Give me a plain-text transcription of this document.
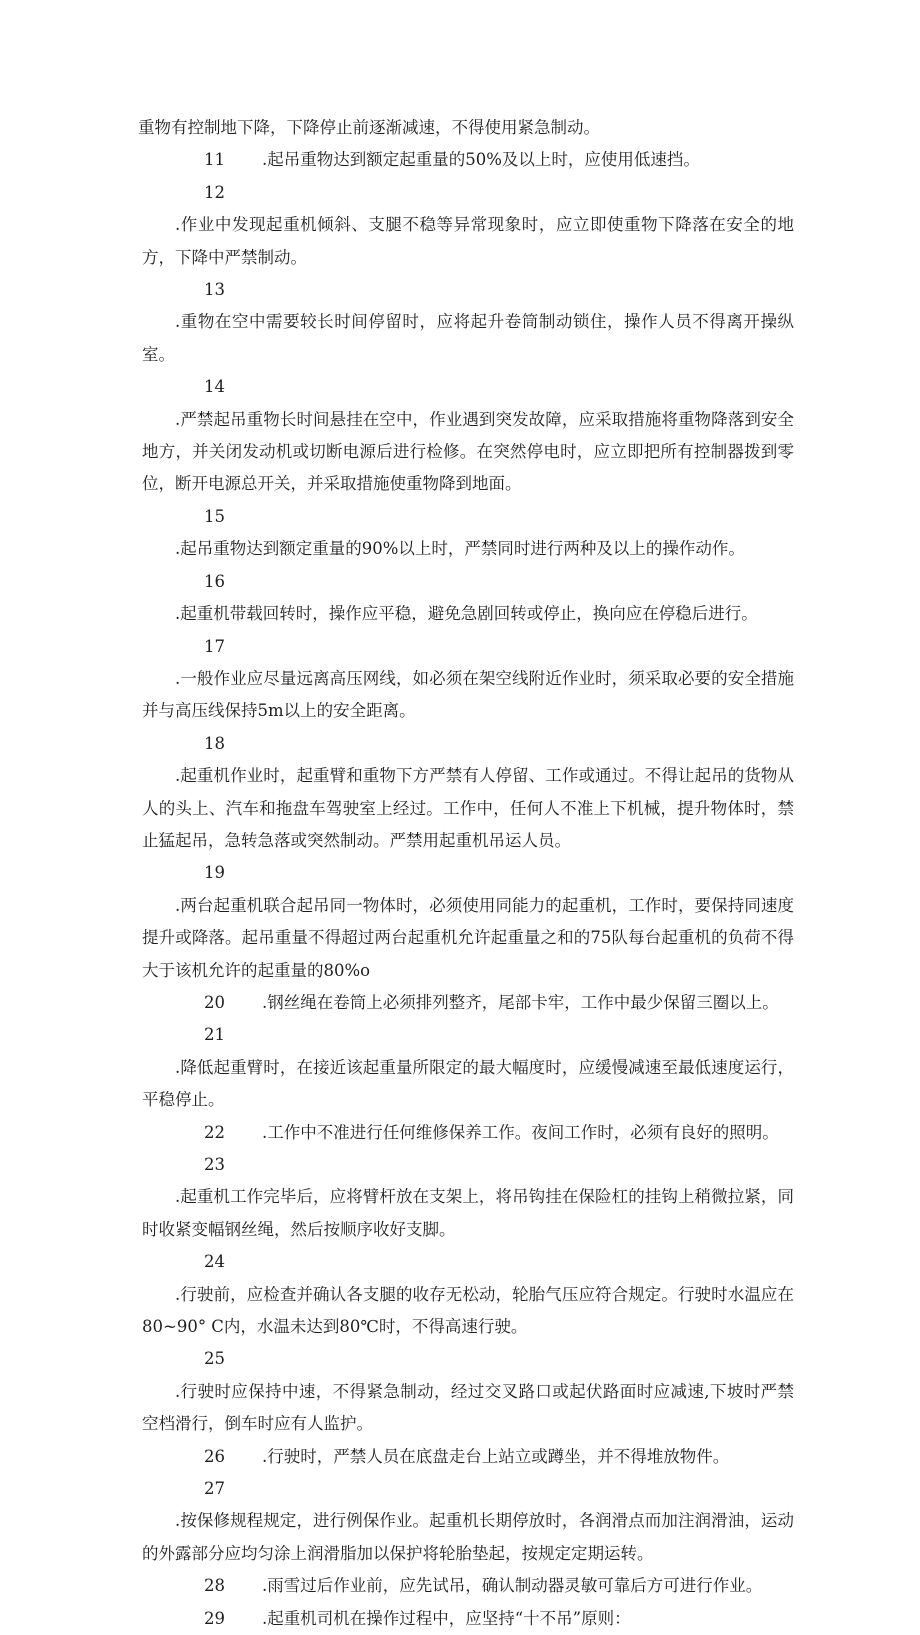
重物有控制地下降，下降停止前逐渐减速，不得使用紧急制动。

11 .起吊重物达到额定起重量的50%及以上时，应使用低速挡。

12.作业中发现起重机倾斜、支腿不稳等异常现象时，应立即使重物下降落在安全的地方，下降中严禁制动。

13.重物在空中需要较长时间停留时，应将起升卷筒制动锁住，操作人员不得离开操纵室。

14.严禁起吊重物长时间悬挂在空中，作业遇到突发故障，应采取措施将重物降落到安全地方，并关闭发动机或切断电源后进行检修。在突然停电时，应立即把所有控制器拨到零位，断开电源总开关，并采取措施使重物降到地面。

15.起吊重物达到额定重量的90%以上时，严禁同时进行两种及以上的操作动作。

16.起重机带载回转时，操作应平稳，避免急剧回转或停止，换向应在停稳后进行。

17.一般作业应尽量远离高压网线，如必须在架空线附近作业时，须采取必要的安全措施并与高压线保持5m以上的安全距离。

18.起重机作业时，起重臂和重物下方严禁有人停留、工作或通过。不得让起吊的货物从人的头上、汽车和拖盘车驾驶室上经过。工作中，任何人不准上下机械，提升物体时，禁止猛起吊，急转急落或突然制动。严禁用起重机吊运人员。

19.两台起重机联合起吊同一物体时，必须使用同能力的起重机，工作时，要保持同速度提升或降落。起吊重量不得超过两台起重机允许起重量之和的75队每台起重机的负荷不得大于该机允许的起重量的80%o

20 .钢丝绳在卷筒上必须排列整齐，尾部卡牢，工作中最少保留三圈以上。

21.降低起重臂时，在接近该起重量所限定的最大幅度时，应缓慢减速至最低速度运行，平稳停止。

22 .工作中不准进行任何维修保养工作。夜间工作时，必须有良好的照明。

23.起重机工作完毕后，应将臂杆放在支架上，将吊钩挂在保险杠的挂钩上稍微拉紧，同时收紧变幅钢丝绳，然后按顺序收好支脚。

24.行驶前，应检查并确认各支腿的收存无松动，轮胎气压应符合规定。行驶时水温应在80~90° C内，水温未达到80℃时，不得高速行驶。

25.行驶时应保持中速，不得紧急制动，经过交叉路口或起伏路面时应减速,下坡时严禁空档滑行，倒车时应有人监护。

26 .行驶时，严禁人员在底盘走台上站立或蹲坐，并不得堆放物件。

27.按保修规程规定，进行例保作业。起重机长期停放时，各润滑点而加注润滑油，运动的外露部分应均匀涂上润滑脂加以保护将轮胎垫起，按规定定期运转。

28 .雨雪过后作业前，应先试吊，确认制动器灵敏可靠后方可进行作业。

29 .起重机司机在操作过程中，应坚持“十不吊”原则：
